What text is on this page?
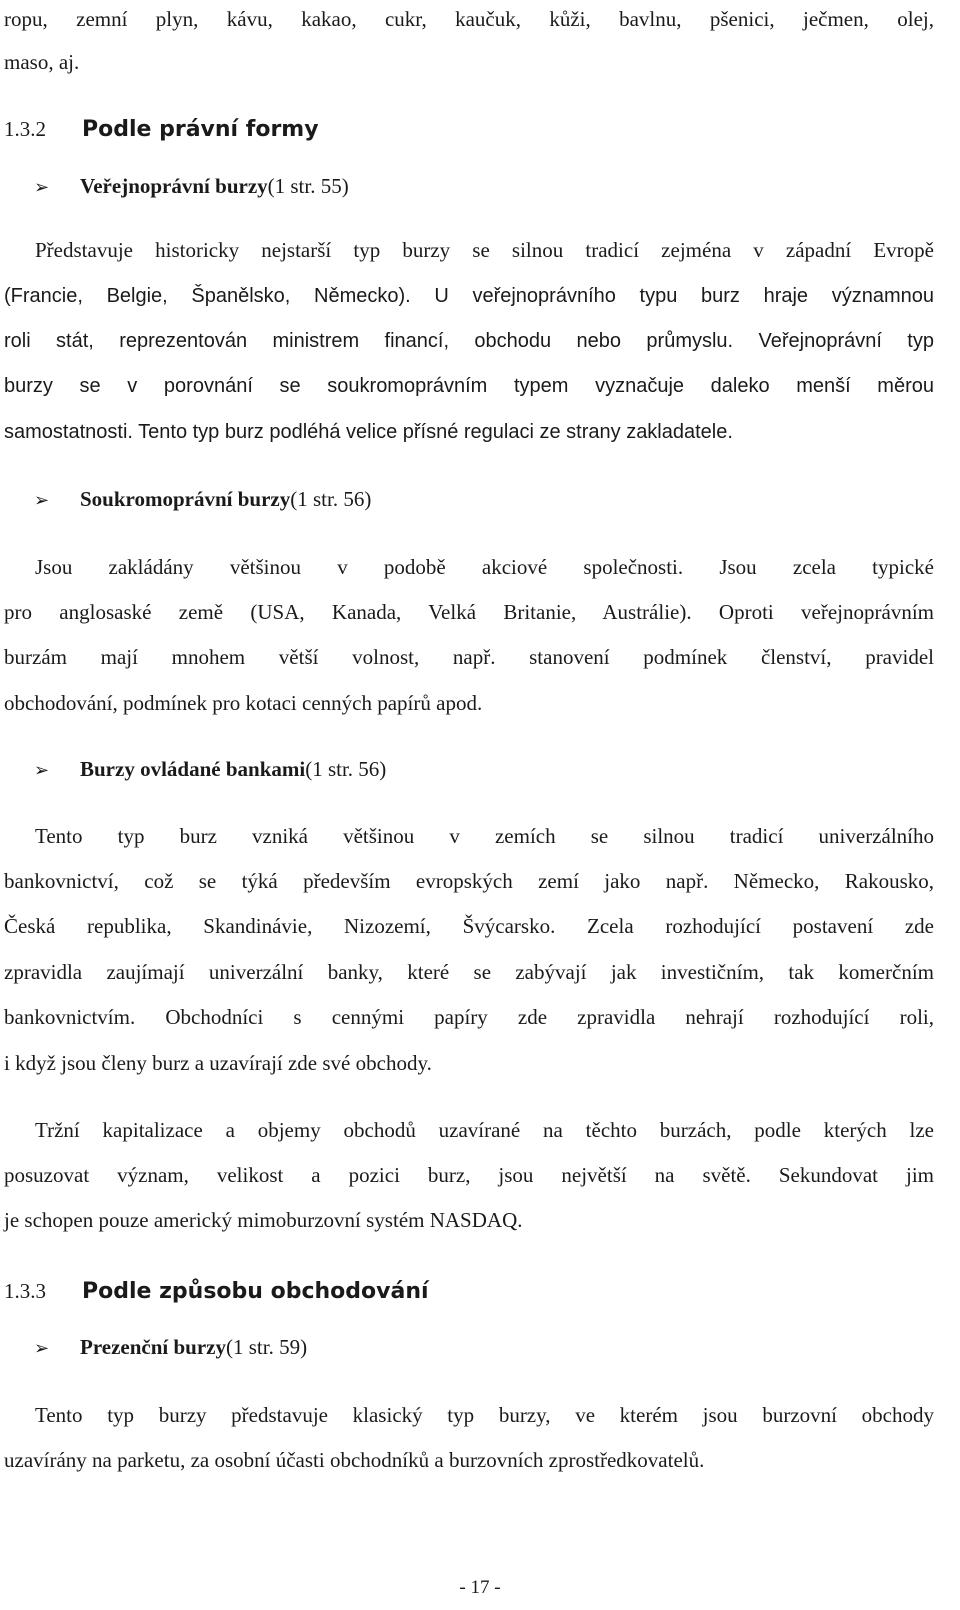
ropu, zemní plyn, kávu, kakao, cukr, kaučuk, kůži, bavlnu, pšenici, ječmen, olej,
maso, aj.
1.3.2 Podle právní formy
➢ Veřejnoprávní burzy(1 str. 55)
Představuje historicky nejstarší typ burzy se silnou tradicí zejména v západní Evropě
(Francie, Belgie, Španělsko, Německo). U veřejnoprávního typu burz hraje významnou
roli stát, reprezentován ministrem financí, obchodu nebo průmyslu. Veřejnoprávní typ
burzy se v porovnání se soukromoprávním typem vyznačuje daleko menší měrou
samostatnosti. Tento typ burz podléhá velice přísné regulaci ze strany zakladatele.
➢ Soukromoprávní burzy(1 str. 56)
Jsou zakládány většinou v podobě akciové společnosti. Jsou zcela typické
pro anglosaské země (USA, Kanada, Velká Britanie, Austrálie). Oproti veřejnoprávním
burzám mají mnohem větší volnost, např. stanovení podmínek členství, pravidel
obchodování, podmínek pro kotaci cenných papírů apod.
➢ Burzy ovládané bankami(1 str. 56)
Tento typ burz vzniká většinou v zemích se silnou tradicí univerzálního
bankovnictví, což se týká především evropských zemí jako např. Německo, Rakousko,
Česká republika, Skandinávie, Nizozemí, Švýcarsko. Zcela rozhodující postavení zde
zpravidla zaujímají univerzální banky, které se zabývají jak investičním, tak komerčním
bankovnictvím. Obchodníci s cennými papíry zde zpravidla nehrají rozhodující roli,
i když jsou členy burz a uzavírají zde své obchody.
Tržní kapitalizace a objemy obchodů uzavírané na těchto burzách, podle kterých lze
posuzovat význam, velikost a pozici burz, jsou největší na světě. Sekundovat jim
je schopen pouze americký mimoburzovní systém NASDAQ.
1.3.3 Podle způsobu obchodování
➢ Prezenční burzy(1 str. 59)
Tento typ burzy představuje klasický typ burzy, ve kterém jsou burzovní obchody
uzavírány na parketu, za osobní účasti obchodníků a burzovních zprostředkovatelů.
- 17 -
